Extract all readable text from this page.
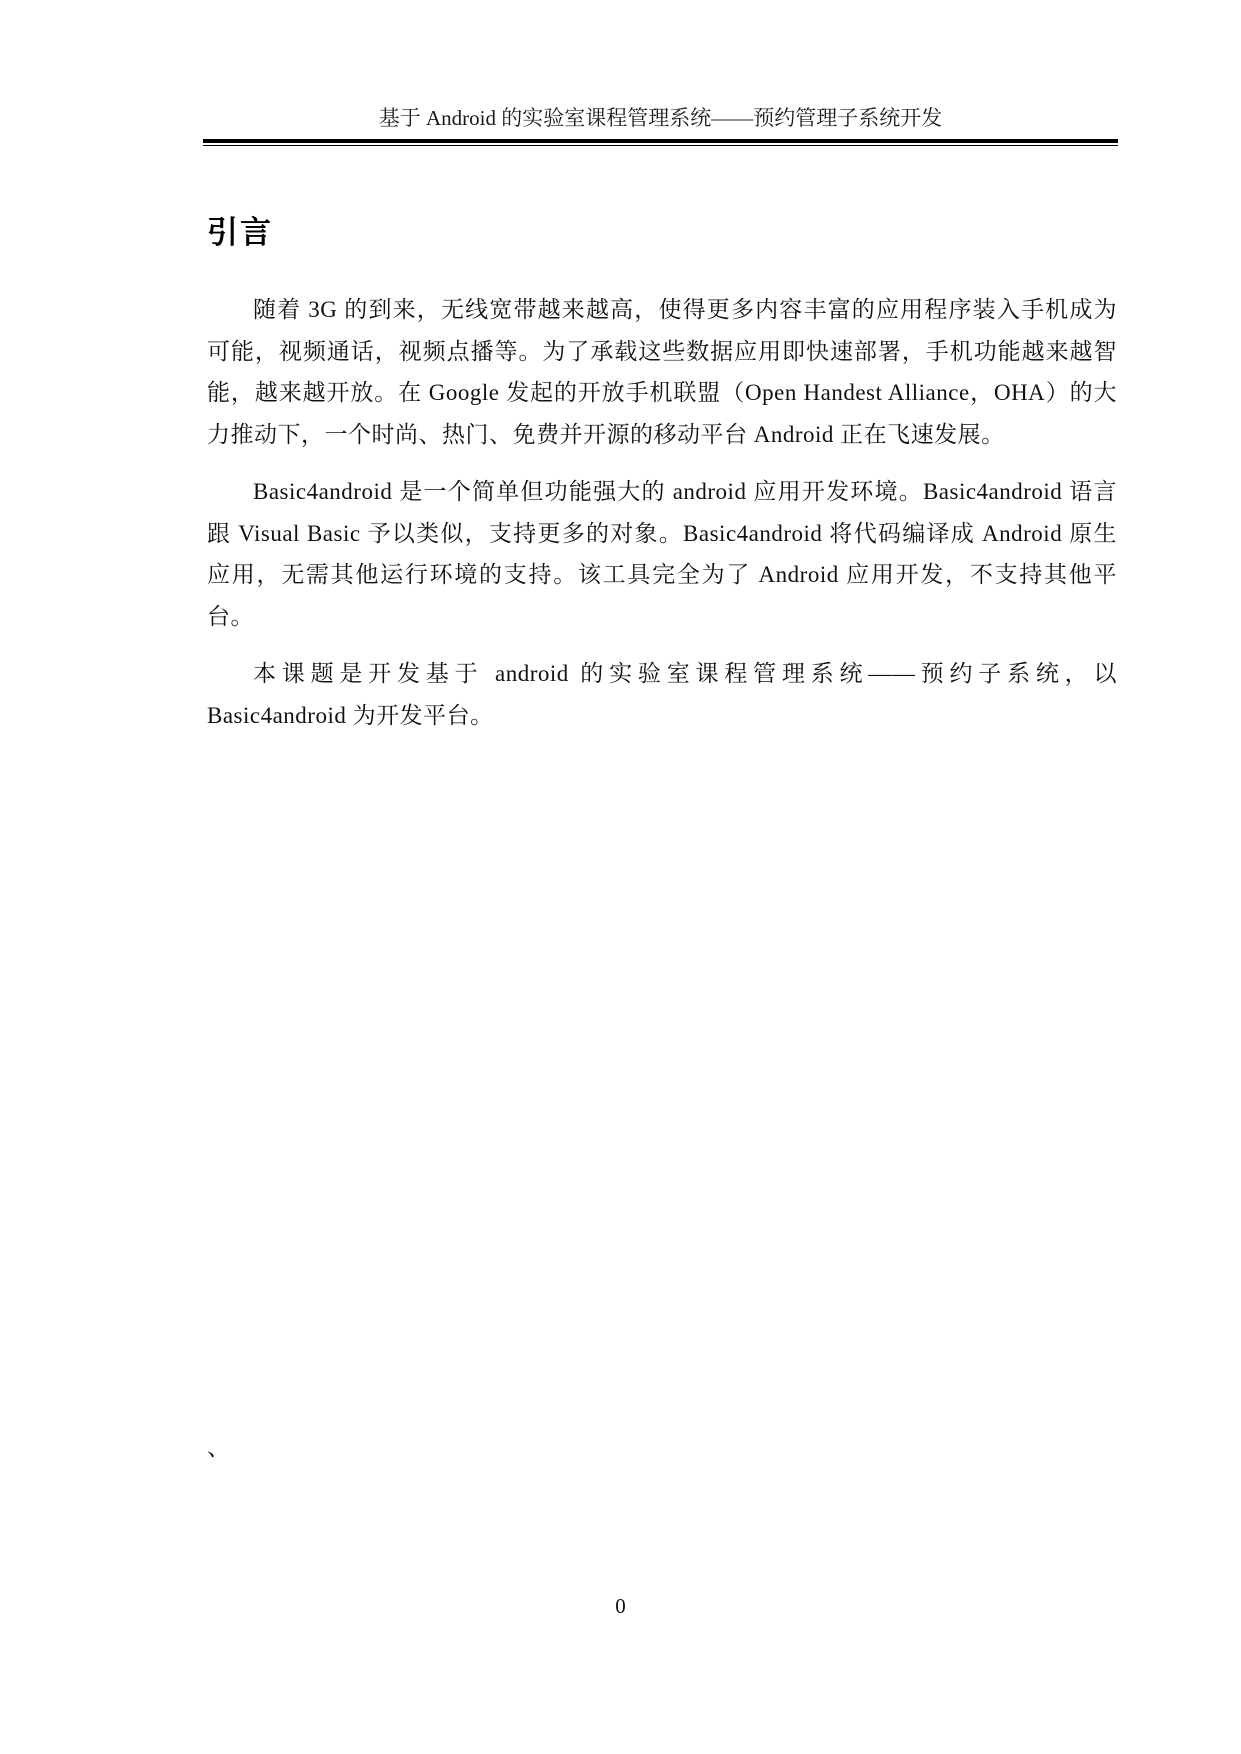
基于 Android 的实验室课程管理系统——预约管理子系统开发
引言

随着 3G 的到来，无线宽带越来越高，使得更多内容丰富的应用程序装入手机成为可能，视频通话，视频点播等。为了承载这些数据应用即快速部署，手机功能越来越智能，越来越开放。在 Google 发起的开放手机联盟（Open Handest Alliance，OHA）的大力推动下，一个时尚、热门、免费并开源的移动平台 Android 正在飞速发展。

Basic4android 是一个简单但功能强大的 android 应用开发环境。Basic4android 语言跟 Visual Basic 予以类似，支持更多的对象。Basic4android 将代码编译成 Android 原生应用，无需其他运行环境的支持。该工具完全为了 Android 应用开发，不支持其他平台。

本课题是开发基于 android 的实验室课程管理系统——预约子系统，以 Basic4android 为开发平台。

、
0
